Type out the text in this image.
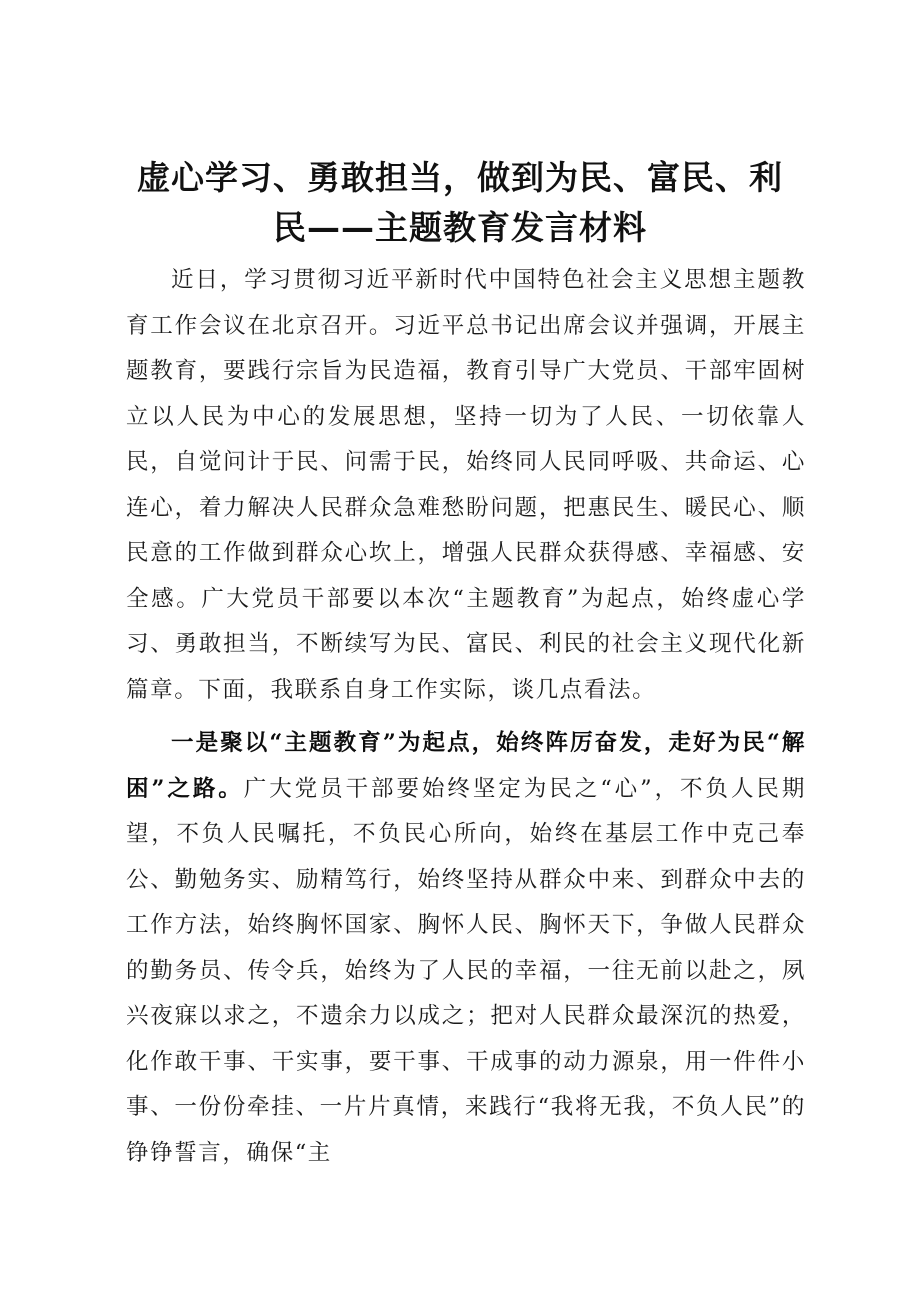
虚心学习、勇敢担当，做到为民、富民、利
民——主题教育发言材料

近日，学习贯彻习近平新时代中国特色社会主义思想主题教育工作会议在北京召开。习近平总书记出席会议并强调，开展主题教育，要践行宗旨为民造福，教育引导广大党员、干部牢固树立以人民为中心的发展思想，坚持一切为了人民、一切依靠人民，自觉问计于民、问需于民，始终同人民同呼吸、共命运、心连心，着力解决人民群众急难愁盼问题，把惠民生、暖民心、顺民意的工作做到群众心坎上，增强人民群众获得感、幸福感、安全感。广大党员干部要以本次“主题教育”为起点，始终虚心学习、勇敢担当，不断续写为民、富民、利民的社会主义现代化新篇章。下面，我联系自身工作实际，谈几点看法。

一是聚以“主题教育”为起点，始终阵厉奋发，走好为民“解困”之路。广大党员干部要始终坚定为民之“心”，不负人民期望，不负人民嘱托，不负民心所向，始终在基层工作中克己奉公、勤勉务实、励精笃行，始终坚持从群众中来、到群众中去的工作方法，始终胸怀国家、胸怀人民、胸怀天下，争做人民群众的勤务员、传令兵，始终为了人民的幸福，一往无前以赴之，夙兴夜寐以求之，不遗余力以成之；把对人民群众最深沉的热爱，化作敢干事、干实事，要干事、干成事的动力源泉，用一件件小事、一份份牵挂、一片片真情，来践行“我将无我，不负人民”的铮铮誓言，确保“主
